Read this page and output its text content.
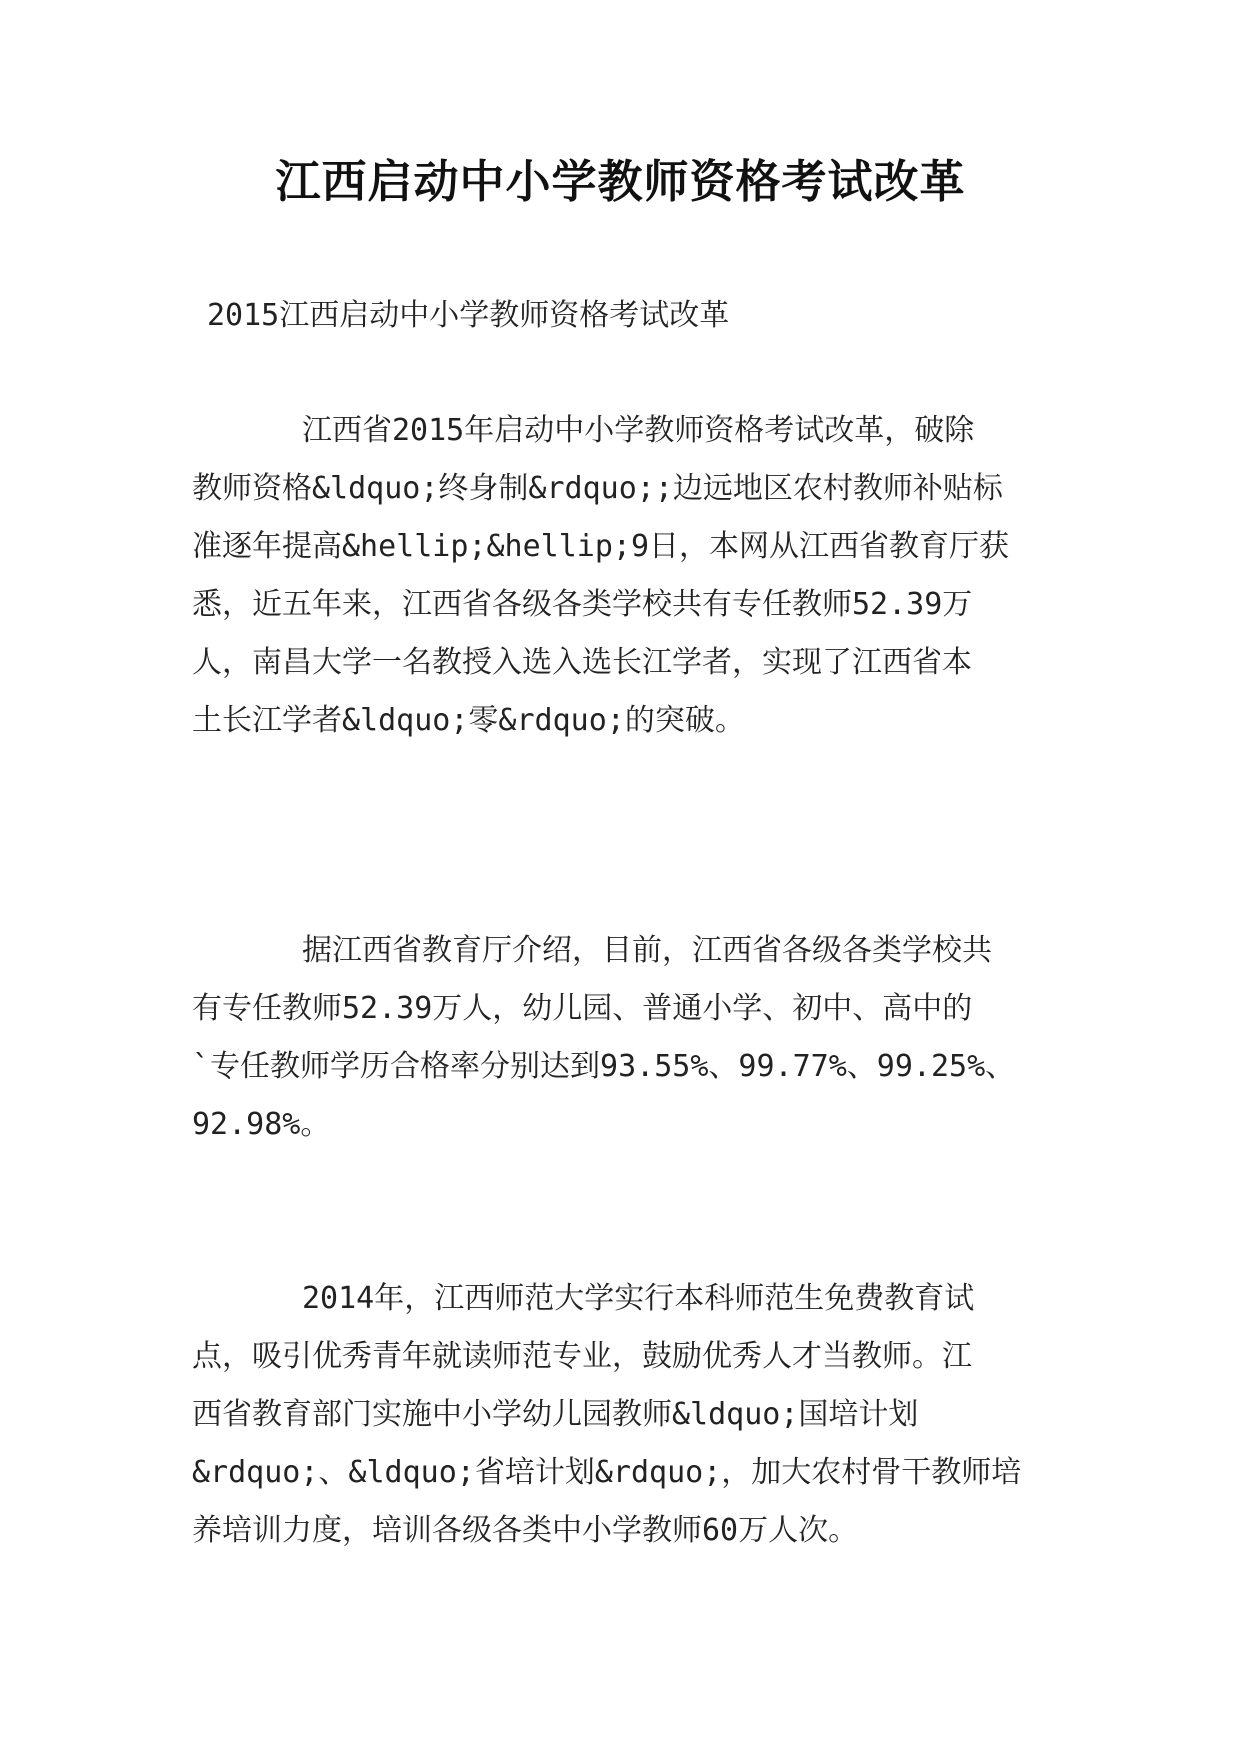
江西启动中小学教师资格考试改革

2015江西启动中小学教师资格考试改革

江西省2015年启动中小学教师资格考试改革，破除
教师资格&ldquo;终身制&rdquo;;边远地区农村教师补贴标
准逐年提高&hellip;&hellip;9日，本网从江西省教育厅获
悉，近五年来，江西省各级各类学校共有专任教师52.39万
人，南昌大学一名教授入选入选长江学者，实现了江西省本
土长江学者&ldquo;零&rdquo;的突破。
据江西省教育厅介绍，目前，江西省各级各类学校共
有专任教师52.39万人，幼儿园、普通小学、初中、高中的
`专任教师学历合格率分别达到93.55%、99.77%、99.25%、
92.98%。
2014年，江西师范大学实行本科师范生免费教育试
点，吸引优秀青年就读师范专业，鼓励优秀人才当教师。江
西省教育部门实施中小学幼儿园教师&ldquo;国培计划
&rdquo;、&ldquo;省培计划&rdquo;，加大农村骨干教师培
养培训力度，培训各级各类中小学教师60万人次。
